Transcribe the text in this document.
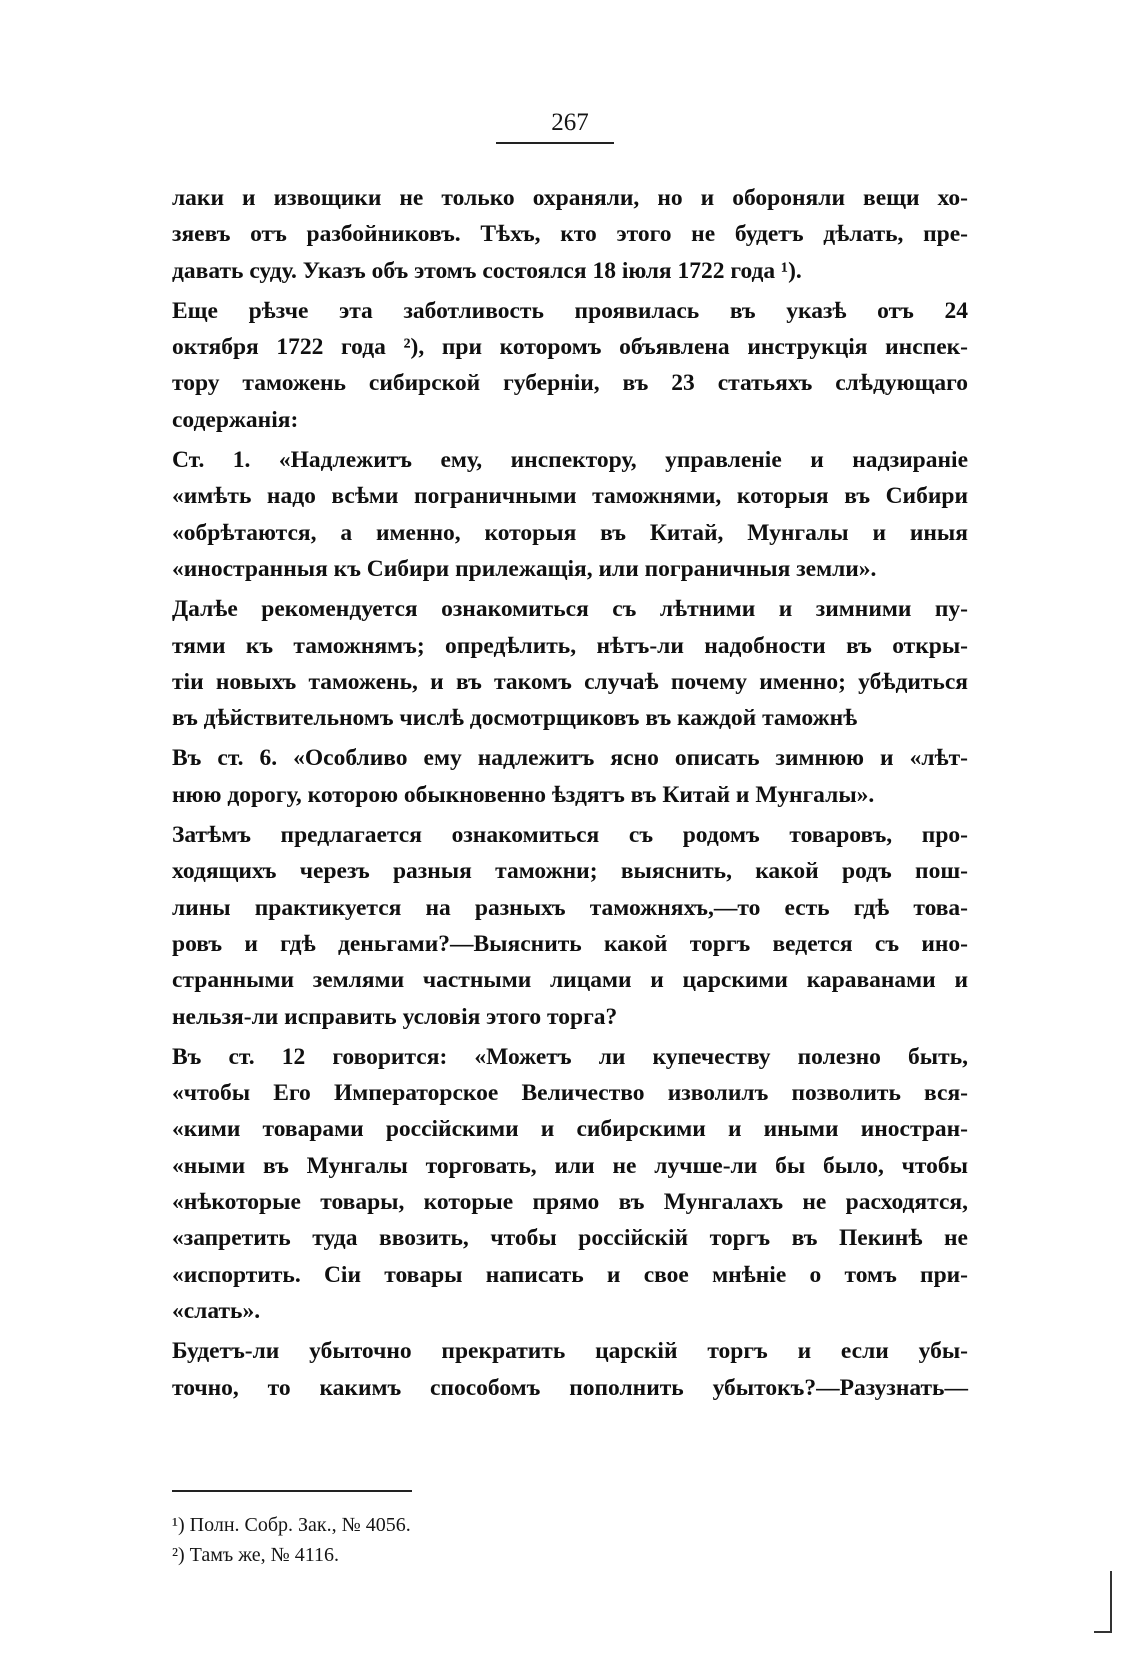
267

лаки и извощики не только охраняли, но и обороняли вещи хо-
зяевъ отъ разбойниковъ. Тѣхъ, кто этого не будетъ дѣлать, пре-
давать суду. Указъ объ этомъ состоялся 18 іюля 1722 года ¹).

Еще рѣзче эта заботливость проявилась въ указѣ отъ 24
октября 1722 года ²), при которомъ объявлена инструкція инспек-
тору таможень сибирской губерніи, въ 23 статьяхъ слѣдующаго
содержанія:

Ст. 1. «Надлежитъ ему, инспектору, управленіе и надзираніе
«имѣть надо всѣми пограничными таможнями, которыя въ Сибири
«обрѣтаются, а именно, которыя въ Китай, Мунгалы и иныя
«иностранныя къ Сибири прилежащія, или пограничныя земли».

Далѣе рекомендуется ознакомиться съ лѣтними и зимними пу-
тями къ таможнямъ; опредѣлить, нѣтъ-ли надобности въ откры-
тіи новыхъ таможень, и въ такомъ случаѣ почему именно; убѣдиться
въ дѣйствительномъ числѣ досмотрщиковъ въ каждой таможнѣ

Въ ст. 6. «Особливо ему надлежитъ ясно описать зимнюю и «лѣт-
нюю дорогу, которою обыкновенно ѣздятъ въ Китай и Мунгалы».

Затѣмъ предлагается ознакомиться съ родомъ товаровъ, про-
ходящихъ черезъ разныя таможни; выяснить, какой родъ пош-
лины практикуется на разныхъ таможняхъ,—то есть гдѣ това-
ровъ и гдѣ деньгами?—Выяснить какой торгъ ведется съ ино-
странными землями частными лицами и царскими караванами и
нельзя-ли исправить условія этого торга?

Въ ст. 12 говорится: «Можетъ ли купечеству полезно быть,
«чтобы Его Императорское Величество изволилъ позволить вся-
«кими товарами россійскими и сибирскими и иными иностран-
«ными въ Мунгалы торговать, или не лучше-ли бы было, чтобы
«нѣкоторые товары, которые прямо въ Мунгалахъ не расходятся,
«запретить туда ввозить, чтобы россійскій торгъ въ Пекинѣ не
«испортить. Сіи товары написать и свое мнѣніе о томъ при-
«слать».

Будетъ-ли убыточно прекратить царскій торгъ и если убы-
точно, то какимъ способомъ пополнить убытокъ?—Разузнать—

¹) Полн. Собр. Зак., № 4056.
²) Тамъ же, № 4116.
